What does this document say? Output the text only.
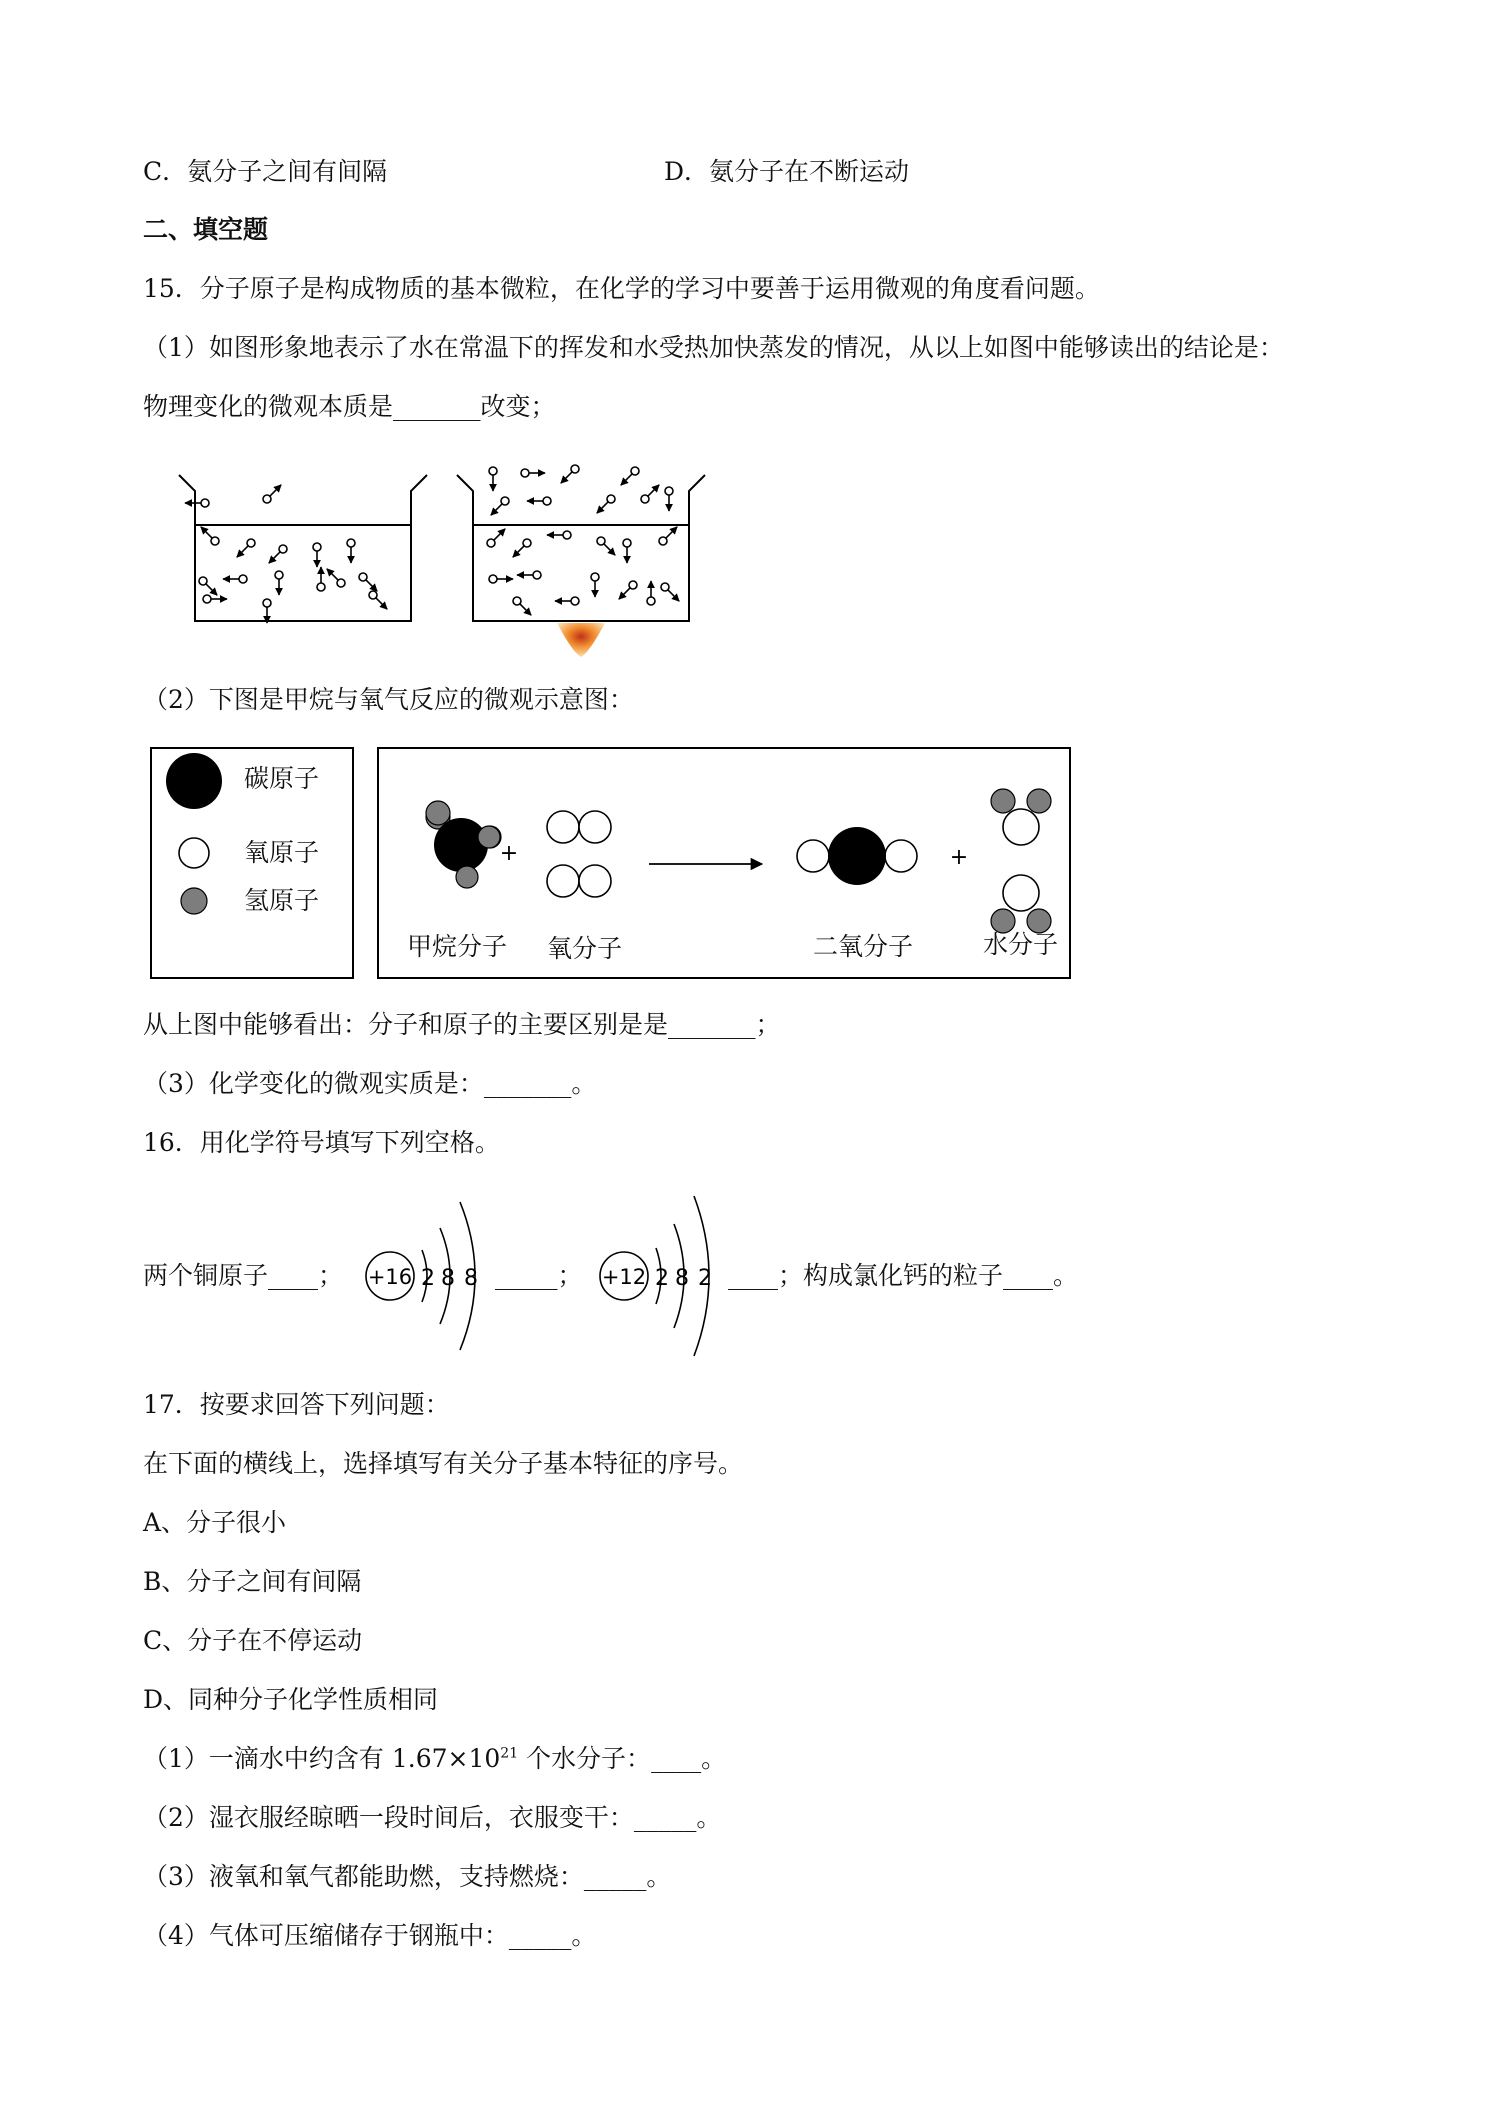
C．氨分子之间有间隔	D．氨分子在不断运动
二、填空题
15．分子原子是构成物质的基本微粒，在化学的学习中要善于运用微观的角度看问题。
（1）如图形象地表示了水在常温下的挥发和水受热加快蒸发的情况，从以上如图中能够读出的结论是：
物理变化的微观本质是_______改变；
（2）下图是甲烷与氧气反应的微观示意图：
碳原子
氧原子
氢原子
+	+
甲烷分子 氧分子	二氧分子	水分子
从上图中能够看出：分子和原子的主要区别是是_______；
（3）化学变化的微观实质是：_______。
16．用化学符号填写下列空格。
两个铜原子____；	_____；	____；构成氯化钙的粒子____。
+16 2 8 8	+12 2 8 2
17．按要求回答下列问题：
在下面的横线上，选择填写有关分子基本特征的序号。
A、分子很小
B、分子之间有间隔
C、分子在不停运动
D、同种分子化学性质相同
（1）一滴水中约含有 $1.67\times 10^{21}$ 个水分子：____。
（2）湿衣服经晾晒一段时间后，衣服变干：_____。
（3）液氧和氧气都能助燃，支持燃烧：_____。
（4）气体可压缩储存于钢瓶中：_____。
